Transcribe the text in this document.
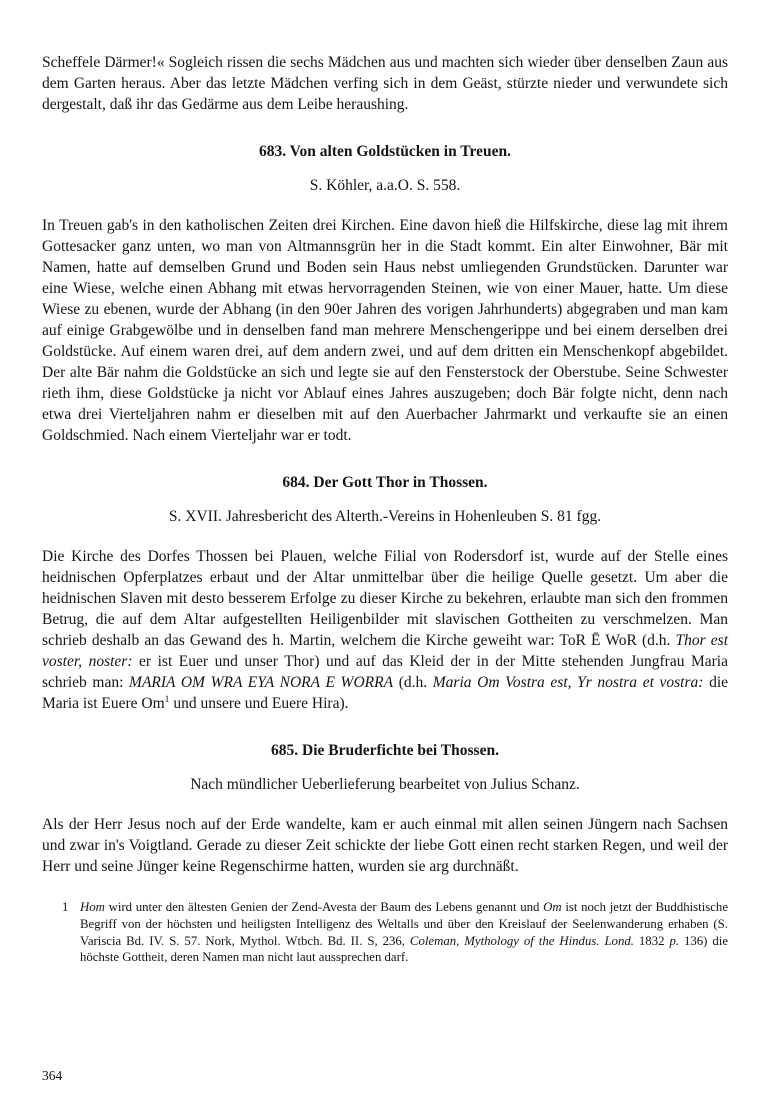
Scheffele Därmer!« Sogleich rissen die sechs Mädchen aus und machten sich wieder über denselben Zaun aus dem Garten heraus. Aber das letzte Mädchen verfing sich in dem Geäst, stürzte nieder und verwundete sich dergestalt, daß ihr das Gedärme aus dem Leibe heraushing.

683. Von alten Goldstücken in Treuen.

S. Köhler, a.a.O. S. 558.

In Treuen gab's in den katholischen Zeiten drei Kirchen. Eine davon hieß die Hilfskirche, diese lag mit ihrem Gottesacker ganz unten, wo man von Altmannsgrün her in die Stadt kommt. Ein alter Einwohner, Bär mit Namen, hatte auf demselben Grund und Boden sein Haus nebst umliegenden Grundstücken. Darunter war eine Wiese, welche einen Abhang mit etwas hervorragenden Steinen, wie von einer Mauer, hatte. Um diese Wiese zu ebenen, wurde der Abhang (in den 90er Jahren des vorigen Jahrhunderts) abgegraben und man kam auf einige Grabgewölbe und in denselben fand man mehrere Menschengerippe und bei einem derselben drei Goldstücke. Auf einem waren drei, auf dem andern zwei, und auf dem dritten ein Menschenkopf abgebildet. Der alte Bär nahm die Goldstücke an sich und legte sie auf den Fensterstock der Oberstube. Seine Schwester rieth ihm, diese Goldstücke ja nicht vor Ablauf eines Jahres auszugeben; doch Bär folgte nicht, denn nach etwa drei Vierteljahren nahm er dieselben mit auf den Auerbacher Jahrmarkt und verkaufte sie an einen Goldschmied. Nach einem Vierteljahr war er todt.

684. Der Gott Thor in Thossen.

S. XVII. Jahresbericht des Alterth.-Vereins in Hohenleuben S. 81 fgg.

Die Kirche des Dorfes Thossen bei Plauen, welche Filial von Rodersdorf ist, wurde auf der Stelle eines heidnischen Opferplatzes erbaut und der Altar unmittelbar über die heilige Quelle gesetzt. Um aber die heidnischen Slaven mit desto besserem Erfolge zu dieser Kirche zu bekehren, erlaubte man sich den frommen Betrug, die auf dem Altar aufgestellten Heiligenbilder mit slavischen Gottheiten zu verschmelzen. Man schrieb deshalb an das Gewand des h. Martin, welchem die Kirche geweiht war: ToR Ē WoR (d.h. Thor est voster, noster: er ist Euer und unser Thor) und auf das Kleid der in der Mitte stehenden Jungfrau Maria schrieb man: MARIA OM WRA EYA NORA E WORRA (d.h. Maria Om Vostra est, Yr nostra et vostra: die Maria ist Euere Om$^1$ und unsere und Euere Hira).

685. Die Bruderfichte bei Thossen.

Nach mündlicher Ueberlieferung bearbeitet von Julius Schanz.

Als der Herr Jesus noch auf der Erde wandelte, kam er auch einmal mit allen seinen Jüngern nach Sachsen und zwar in's Voigtland. Gerade zu dieser Zeit schickte der liebe Gott einen recht starken Regen, und weil der Herr und seine Jünger keine Regenschirme hatten, wurden sie arg durchnäßt.

1 Hom wird unter den ältesten Genien der Zend-Avesta der Baum des Lebens genannt und Om ist noch jetzt der Buddhistische Begriff von der höchsten und heiligsten Intelligenz des Weltalls und über den Kreislauf der Seelenwanderung erhaben (S. Variscia Bd. IV. S. 57. Nork, Mythol. Wtbch. Bd. II. S, 236, Coleman, Mythology of the Hindus. Lond. 1832 p. 136) die höchste Gottheit, deren Namen man nicht laut aussprechen darf.
364
